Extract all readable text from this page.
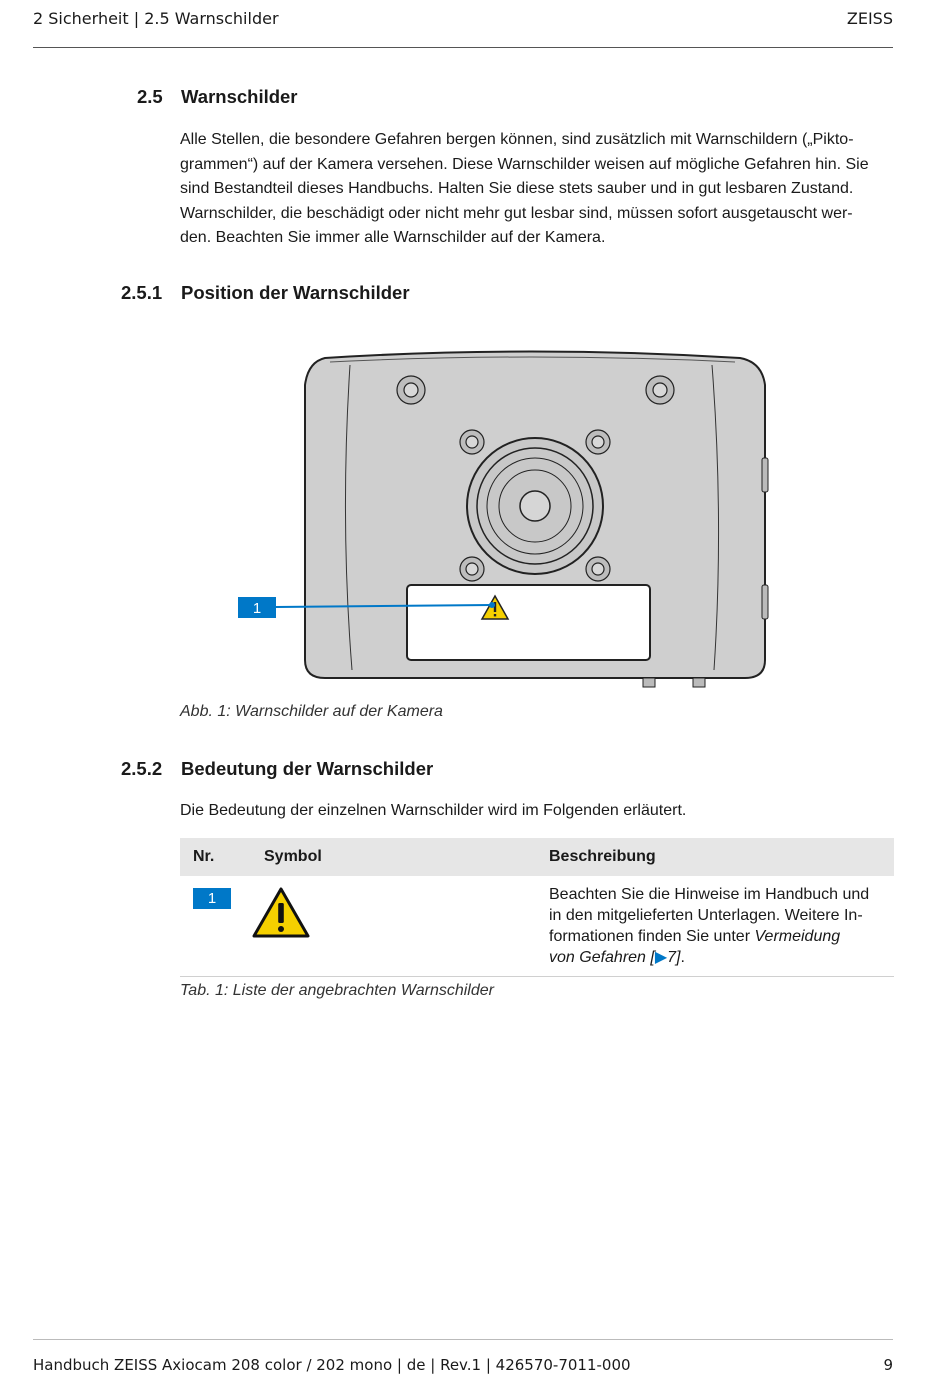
2 Sicherheit | 2.5 Warnschilder	ZEISS
2.5 Warnschilder
Alle Stellen, die besondere Gefahren bergen können, sind zusätzlich mit Warnschildern („Pikto-
grammen“) auf der Kamera versehen. Diese Warnschilder weisen auf mögliche Gefahren hin. Sie
sind Bestandteil dieses Handbuchs. Halten Sie diese stets sauber und in gut lesbaren Zustand.
Warnschilder, die beschädigt oder nicht mehr gut lesbar sind, müssen sofort ausgetauscht wer-
den. Beachten Sie immer alle Warnschilder auf der Kamera.
2.5.1 Position der Warnschilder
1
Abb. 1: Warnschilder auf der Kamera
2.5.2 Bedeutung der Warnschilder
Die Bedeutung der einzelnen Warnschilder wird im Folgenden erläutert.
Nr.	Symbol	Beschreibung
1		Beachten Sie die Hinweise im Handbuch und
in den mitgelieferten Unterlagen. Weitere In-
formationen finden Sie unter Vermeidung
von Gefahren [▶7].
Tab. 1: Liste der angebrachten Warnschilder
Handbuch ZEISS Axiocam 208 color / 202 mono | de | Rev.1 | 426570-7011-000	9
